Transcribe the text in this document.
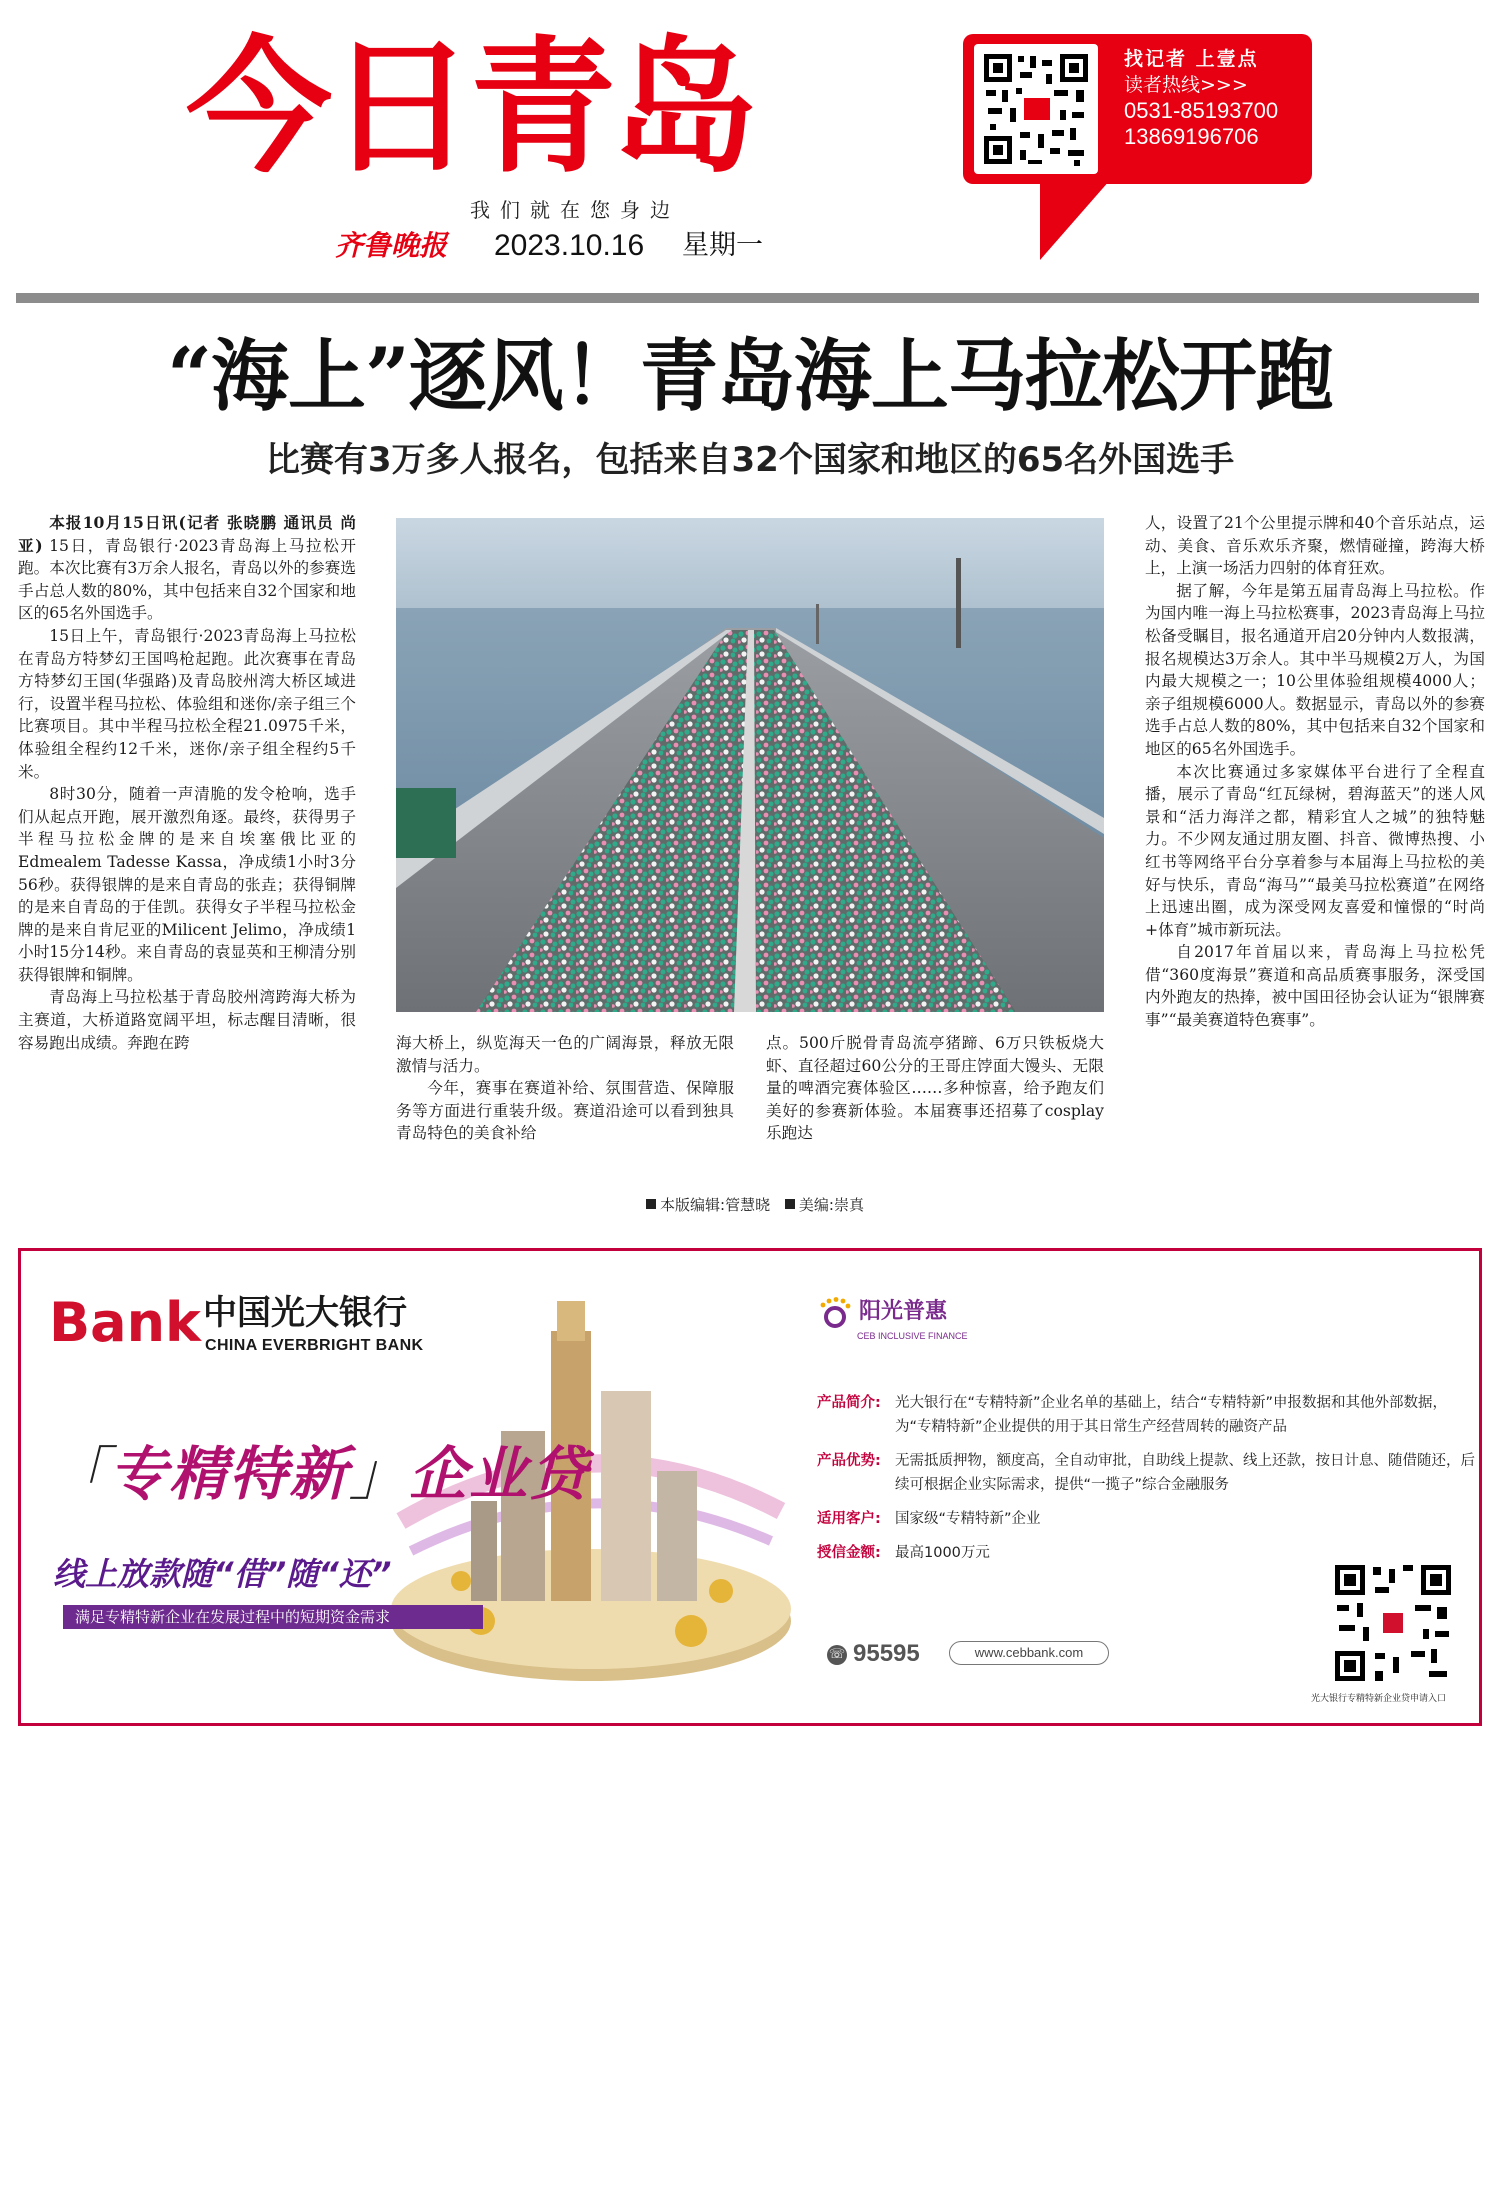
今日青岛
我们就在您身边
齐鲁晚报	2023.10.16	星期一
找记者 上壹点
读者热线>>>
0531-85193700
13869196706
“海上”逐风！青岛海上马拉松开跑
比赛有3万多人报名，包括来自32个国家和地区的65名外国选手

本报10月15日讯(记者 张晓鹏 通讯员 尚亚) 15日，青岛银行·2023青岛海上马拉松开跑。本次比赛有3万余人报名，青岛以外的参赛选手占总人数的80%，其中包括来自32个国家和地区的65名外国选手。

15日上午，青岛银行·2023青岛海上马拉松在青岛方特梦幻王国鸣枪起跑。此次赛事在青岛方特梦幻王国(华强路)及青岛胶州湾大桥区域进行，设置半程马拉松、体验组和迷你/亲子组三个比赛项目。其中半程马拉松全程21.0975千米，体验组全程约12千米，迷你/亲子组全程约5千米。

8时30分，随着一声清脆的发令枪响，选手们从起点开跑，展开激烈角逐。最终，获得男子半程马拉松金牌的是来自埃塞俄比亚的Edmealem Tadesse Kassa，净成绩1小时3分56秒。获得银牌的是来自青岛的张垚；获得铜牌的是来自青岛的于佳凯。获得女子半程马拉松金牌的是来自肯尼亚的Milicent Jelimo，净成绩1小时15分14秒。来自青岛的袁显英和王柳清分别获得银牌和铜牌。

青岛海上马拉松基于青岛胶州湾跨海大桥为主赛道，大桥道路宽阔平坦，标志醒目清晰，很容易跑出成绩。奔跑在跨	海大桥上，纵览海天一色的广阔海景，释放无限激情与活力。

今年，赛事在赛道补给、氛围营造、保障服务等方面进行重装升级。赛道沿途可以看到独具青岛特色的美食补给

点。500斤脱骨青岛流亭猪蹄、6万只铁板烧大虾、直径超过60公分的王哥庄饽面大馒头、无限量的啤酒完赛体验区……多种惊喜，给予跑友们美好的参赛新体验。本届赛事还招募了cosplay乐跑达

人，设置了21个公里提示牌和40个音乐站点，运动、美食、音乐欢乐齐聚，燃情碰撞，跨海大桥上，上演一场活力四射的体育狂欢。

据了解，今年是第五届青岛海上马拉松。作为国内唯一海上马拉松赛事，2023青岛海上马拉松备受瞩目，报名通道开启20分钟内人数报满，报名规模达3万余人。其中半马规模2万人，为国内最大规模之一；10公里体验组规模4000人；亲子组规模6000人。数据显示，青岛以外的参赛选手占总人数的80%，其中包括来自32个国家和地区的65名外国选手。

本次比赛通过多家媒体平台进行了全程直播，展示了青岛“红瓦绿树，碧海蓝天”的迷人风景和“活力海洋之都，精彩宜人之城”的独特魅力。不少网友通过朋友圈、抖音、微博热搜、小红书等网络平台分享着参与本届海上马拉松的美好与快乐，青岛“海马”“最美马拉松赛道”在网络上迅速出圈，成为深受网友喜爱和憧憬的“时尚+体育”城市新玩法。

自2017年首届以来，青岛海上马拉松凭借“360度海景”赛道和高品质赛事服务，深受国内外跑友的热捧，被中国田径协会认证为“银牌赛事”“最美赛道特色赛事”。

本版编辑:管慧晓 美编:崇真
Bank 中国光大银行
CHINA EVERBRIGHT BANK
「专精特新」企业贷
线上放款随“借”随“还”
满足专精特新企业在发展过程中的短期资金需求
阳光普惠
CEB INCLUSIVE FINANCE
产品简介: 光大银行在“专精特新”企业名单的基础上，结合“专精特新”申报数据和其他外部数据，为“专精特新”企业提供的用于其日常生产经营周转的融资产品
产品优势: 无需抵质押物，额度高，全自动审批，自助线上提款、线上还款，按日计息、随借随还，后续可根据企业实际需求，提供“一揽子”综合金融服务
适用客户: 国家级“专精特新”企业
授信金额: 最高1000万元
☏ 95595	www.cebbank.com
光大银行专精特新企业贷申请入口
